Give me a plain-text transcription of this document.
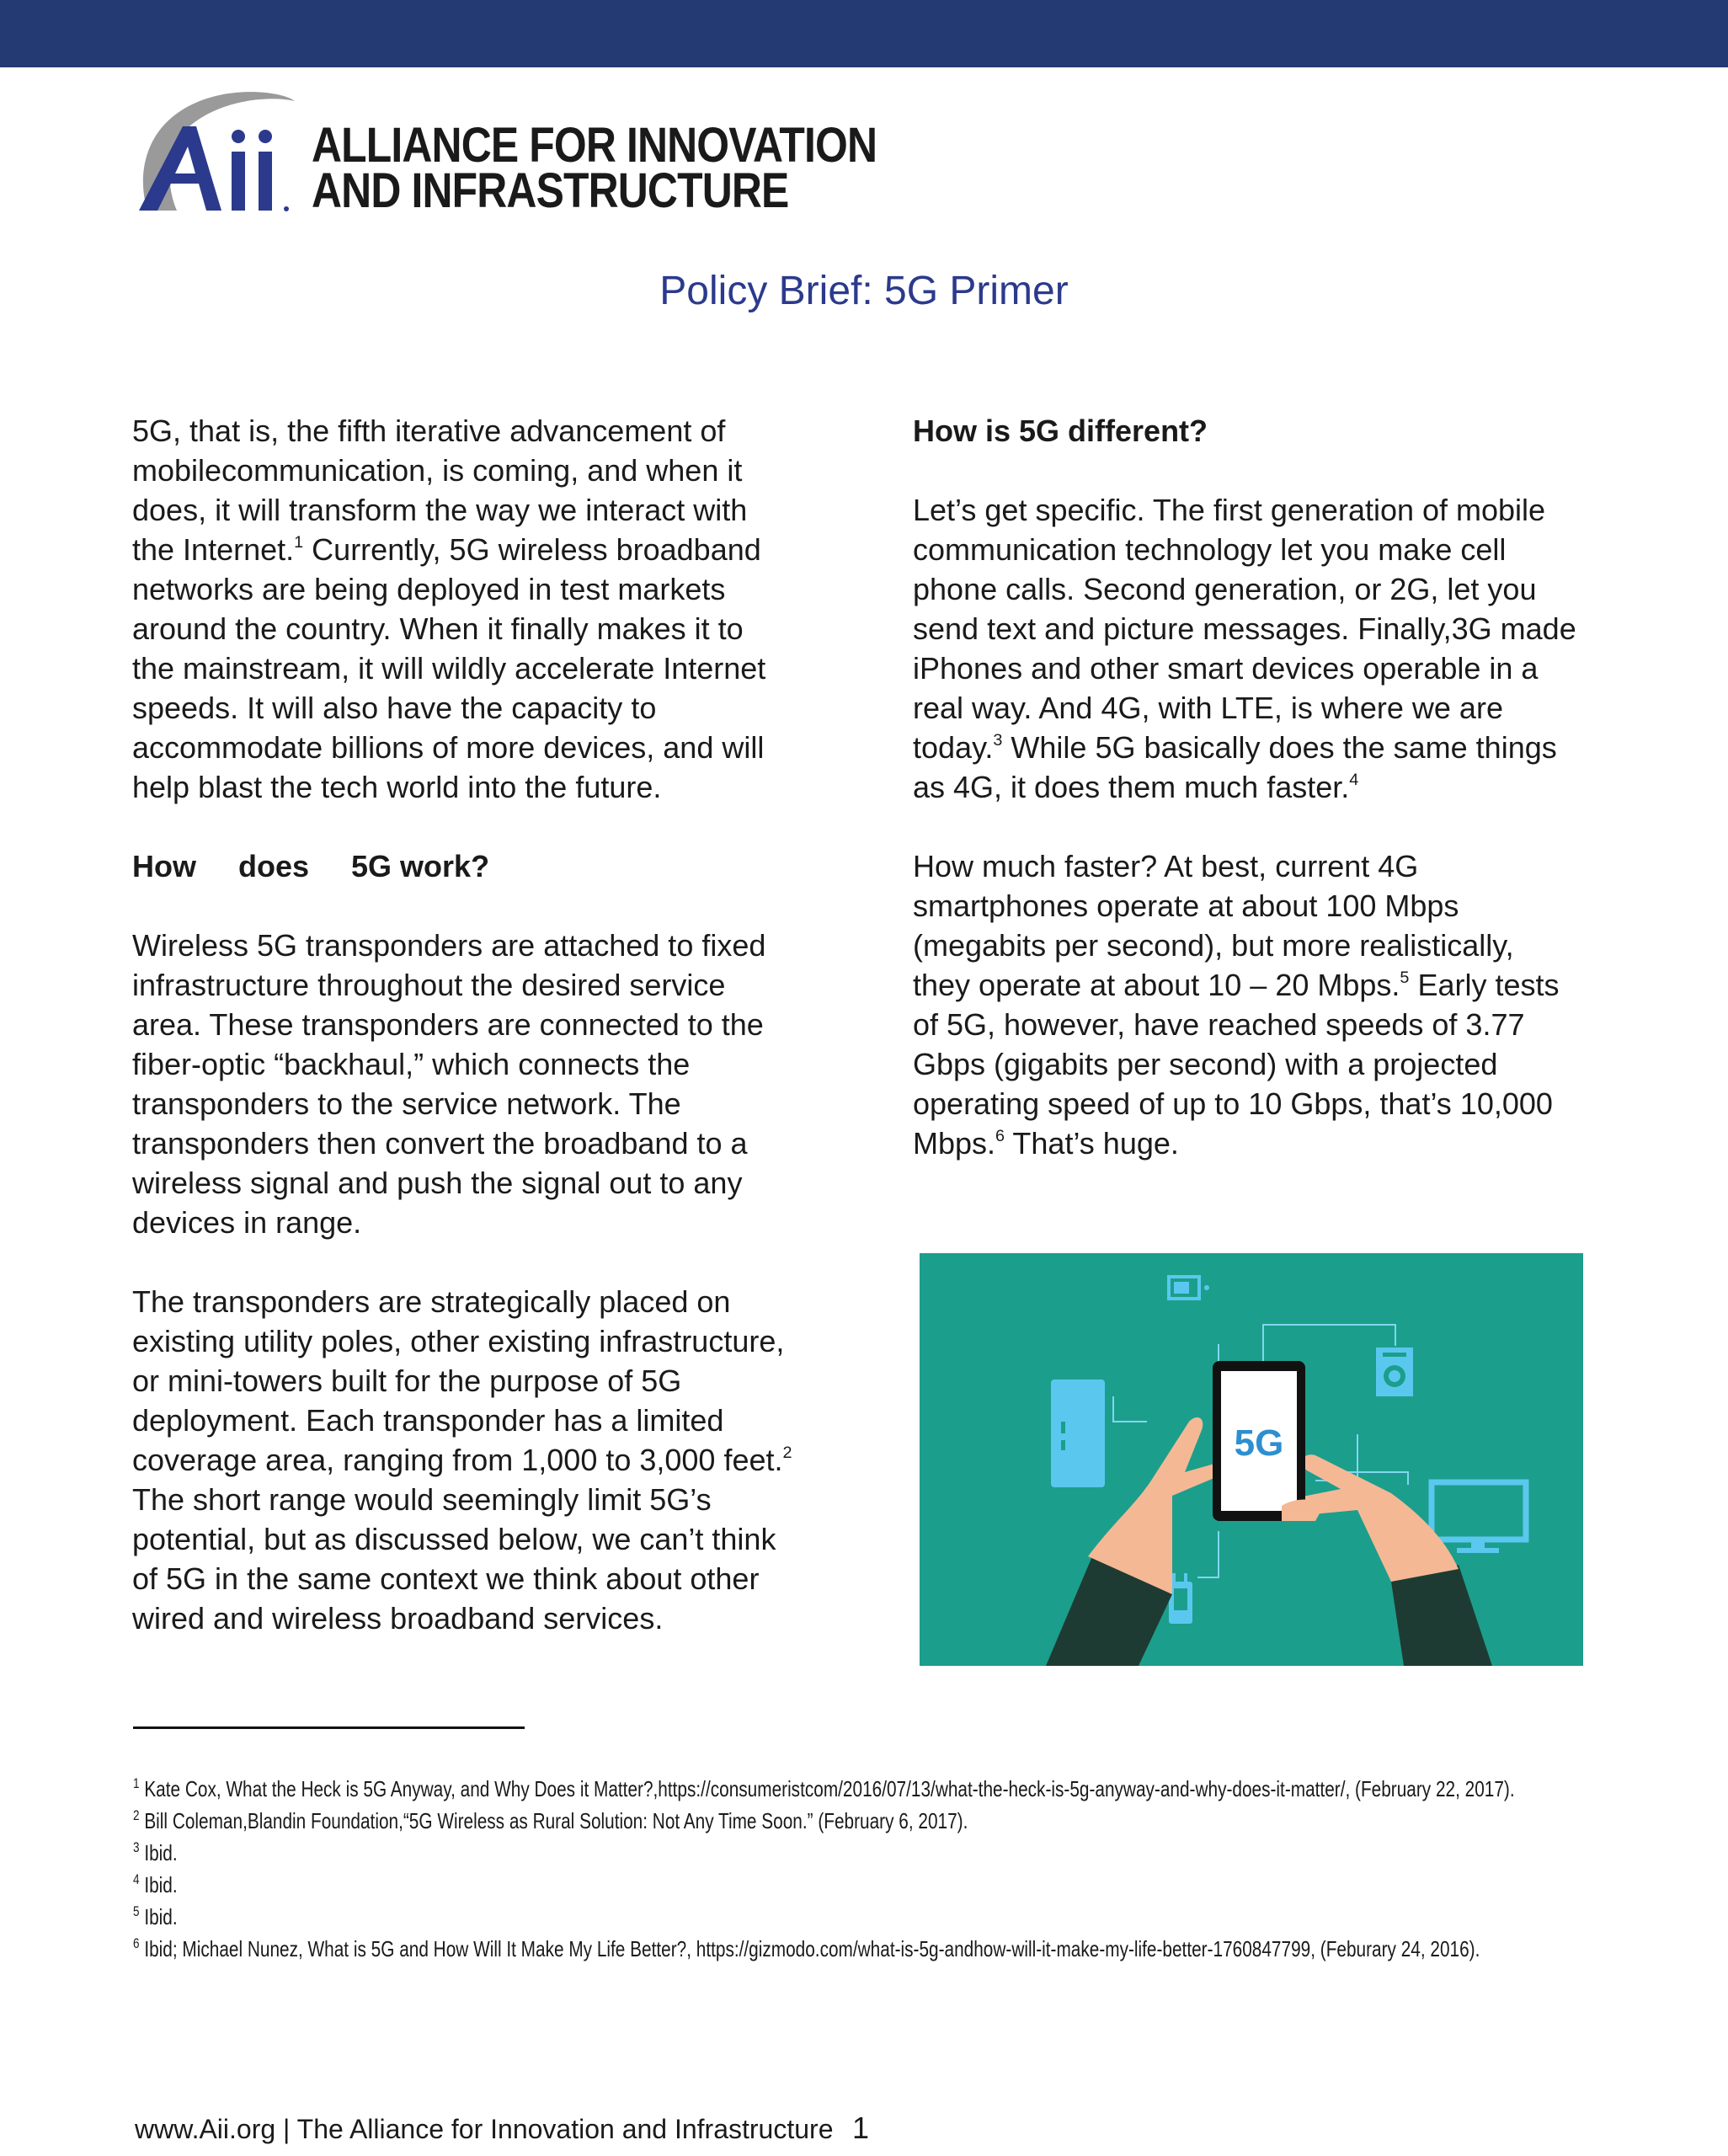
ALLIANCE FOR INNOVATION
AND INFRASTRUCTURE
Policy Brief: 5G Primer

5G, that is, the fifth iterative advancement of
mobilecommunication, is coming, and when it
does, it will transform the way we interact with
the Internet.$^1$ Currently, 5G wireless broadband
networks are being deployed in test markets
around the country. When it finally makes it to
the mainstream, it will wildly accelerate Internet
speeds. It will also have the capacity to
accommodate billions of more devices, and will
help blast the tech world into the future.

How     does     5G work?

Wireless 5G transponders are attached to fixed
infrastructure throughout the desired service
area. These transponders are connected to the
fiber-optic “backhaul,” which connects the
transponders to the service network. The
transponders then convert the broadband to a
wireless signal and push the signal out to any
devices in range.

The transponders are strategically placed on
existing utility poles, other existing infrastructure,
or mini-towers built for the purpose of 5G
deployment. Each transponder has a limited
coverage area, ranging from 1,000 to 3,000 feet.$^2$
The short range would seemingly limit 5G’s
potential, but as discussed below, we can’t think
of 5G in the same context we think about other
wired and wireless broadband services.

How is 5G different?

Let’s get specific. The first generation of mobile
communication technology let you make cell
phone calls. Second generation, or 2G, let you
send text and picture messages. Finally,3G made
iPhones and other smart devices operable in a
real way. And 4G, with LTE, is where we are
today.$^3$ While 5G basically does the same things
as 4G, it does them much faster.$^4$

How much faster? At best, current 4G
smartphones operate at about 100 Mbps
(megabits per second), but more realistically,
they operate at about 10 – 20 Mbps.$^5$ Early tests
of 5G, however, have reached speeds of 3.77
Gbps (gigabits per second) with a projected
operating speed of up to 10 Gbps, that’s 10,000
Mbps.$^6$ That’s huge.

5G
$^1$ Kate Cox, What the Heck is 5G Anyway, and Why Does it Matter?,https://consumeristcom/2016/07/13/what-the-heck-is-5g-anyway-and-why-does-it-matter/, (February 22, 2017).
$^2$ Bill Coleman,Blandin Foundation,“5G Wireless as Rural Solution: Not Any Time Soon.” (February 6, 2017).
$^3$ Ibid.
$^4$ Ibid.
$^5$ Ibid.
$^6$ Ibid; Michael Nunez, What is 5G and How Will It Make My Life Better?, https://gizmodo.com/what-is-5g-andhow-will-it-make-my-life-better-1760847799, (Feburary 24, 2016).
www.Aii.org | The Alliance for Innovation and Infrastructure 1
